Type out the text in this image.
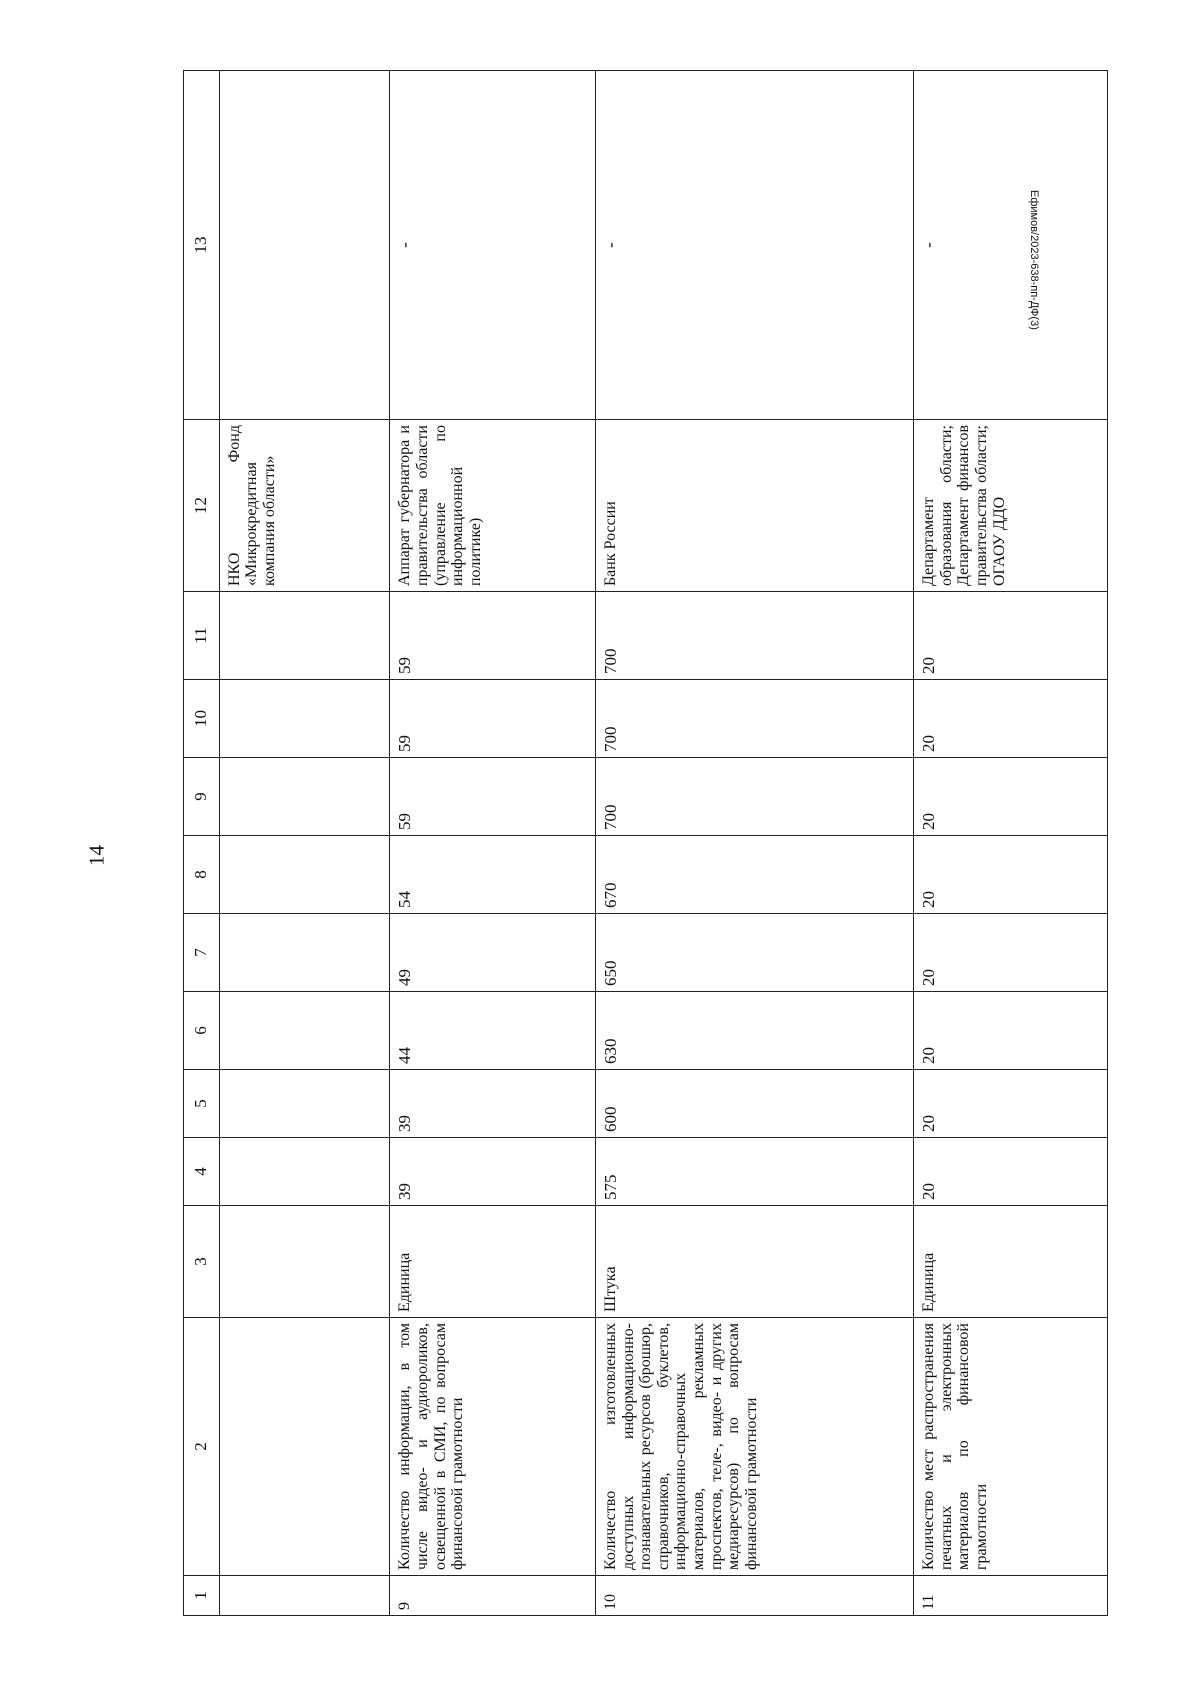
14
1	2	3	4	5	6	7	8	9	10	11	12	13
											НКО Фонд «Микрокредитная компания области»	
9	Количество информации, в том числе видео- и аудиороликов, освещенной в СМИ, по вопросам финансовой грамотности	Единица	39	39	44	49	54	59	59	59	Аппарат губернатора и правительства области (управление по информационной политике)	-
10	Количество изготовленных доступных информационно-познавательных ресурсов (брошюр, справочников, буклетов, информационно-справочных материалов, рекламных проспектов, теле-, видео- и других медиаресурсов) по вопросам финансовой грамотности	Штука	575	600	630	650	670	700	700	700	Банк России	-
11	Количество мест распространения печатных и электронных материалов по финансовой грамотности	Единица	20	20	20	20	20	20	20	20	Департамент образования области; Департамент финансов правительства области; ОГАОУ ДДО	-	Ефимов/2023-638-пп-ДФ(3)
